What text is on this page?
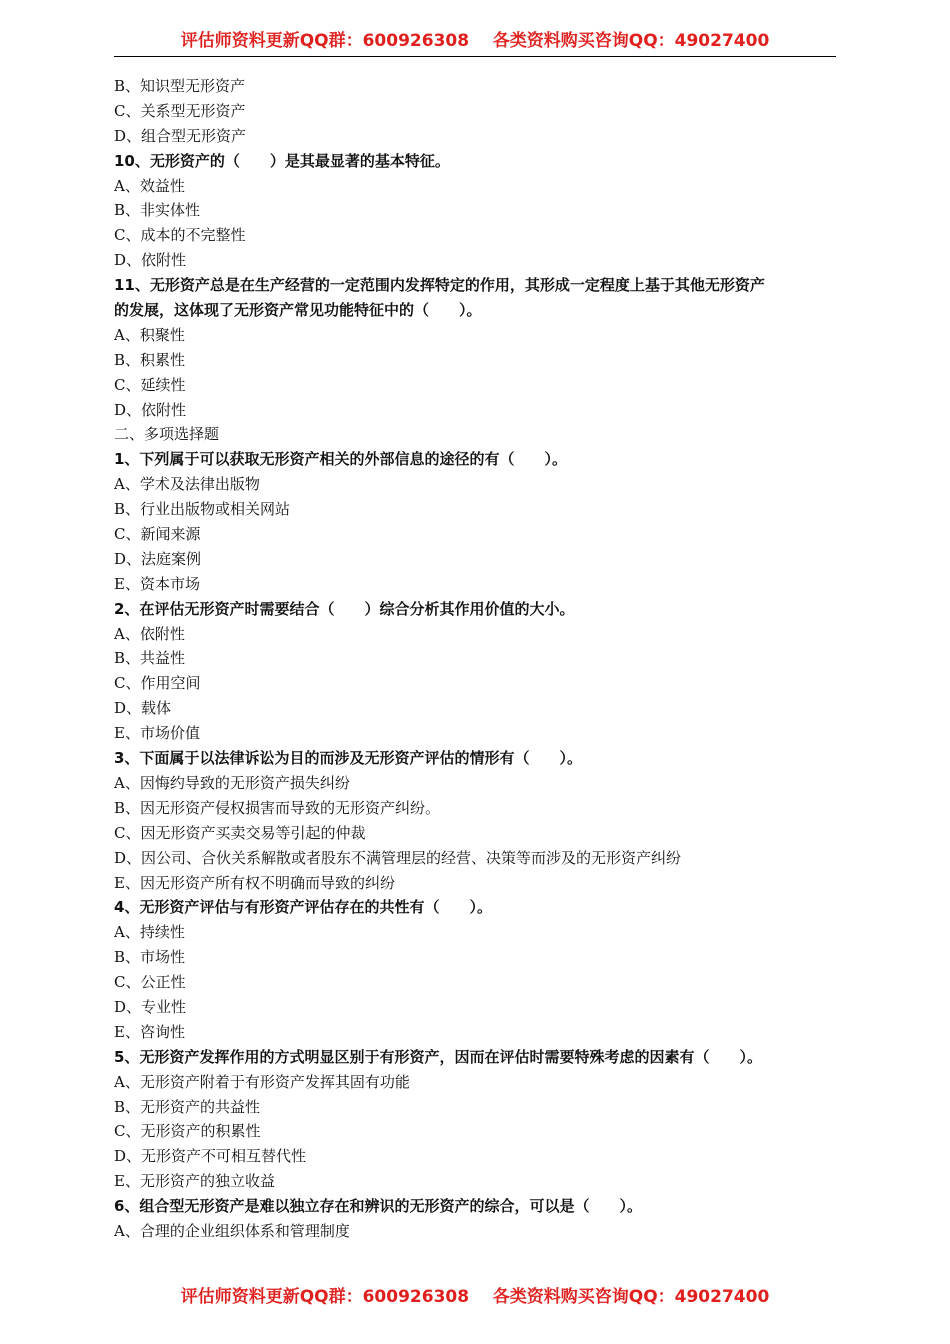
评估师资料更新QQ群：600926308    各类资料购买咨询QQ：49027400
B、知识型无形资产
C、关系型无形资产
D、组合型无形资产
10、无形资产的（　　）是其最显著的基本特征。
A、效益性
B、非实体性
C、成本的不完整性
D、依附性
11、无形资产总是在生产经营的一定范围内发挥特定的作用，其形成一定程度上基于其他无形资产
的发展，这体现了无形资产常见功能特征中的（　　）。
A、积聚性
B、积累性
C、延续性
D、依附性
二、多项选择题
1、下列属于可以获取无形资产相关的外部信息的途径的有（　　）。
A、学术及法律出版物
B、行业出版物或相关网站
C、新闻来源
D、法庭案例
E、资本市场
2、在评估无形资产时需要结合（　　）综合分析其作用价值的大小。
A、依附性
B、共益性
C、作用空间
D、载体
E、市场价值
3、下面属于以法律诉讼为目的而涉及无形资产评估的情形有（　　）。
A、因悔约导致的无形资产损失纠纷
B、因无形资产侵权损害而导致的无形资产纠纷。
C、因无形资产买卖交易等引起的仲裁
D、因公司、合伙关系解散或者股东不满管理层的经营、决策等而涉及的无形资产纠纷
E、因无形资产所有权不明确而导致的纠纷
4、无形资产评估与有形资产评估存在的共性有（　　）。
A、持续性
B、市场性
C、公正性
D、专业性
E、咨询性
5、无形资产发挥作用的方式明显区别于有形资产，因而在评估时需要特殊考虑的因素有（　　）。
A、无形资产附着于有形资产发挥其固有功能
B、无形资产的共益性
C、无形资产的积累性
D、无形资产不可相互替代性
E、无形资产的独立收益
6、组合型无形资产是难以独立存在和辨识的无形资产的综合，可以是（　　）。
A、合理的企业组织体系和管理制度
评估师资料更新QQ群：600926308    各类资料购买咨询QQ：49027400
